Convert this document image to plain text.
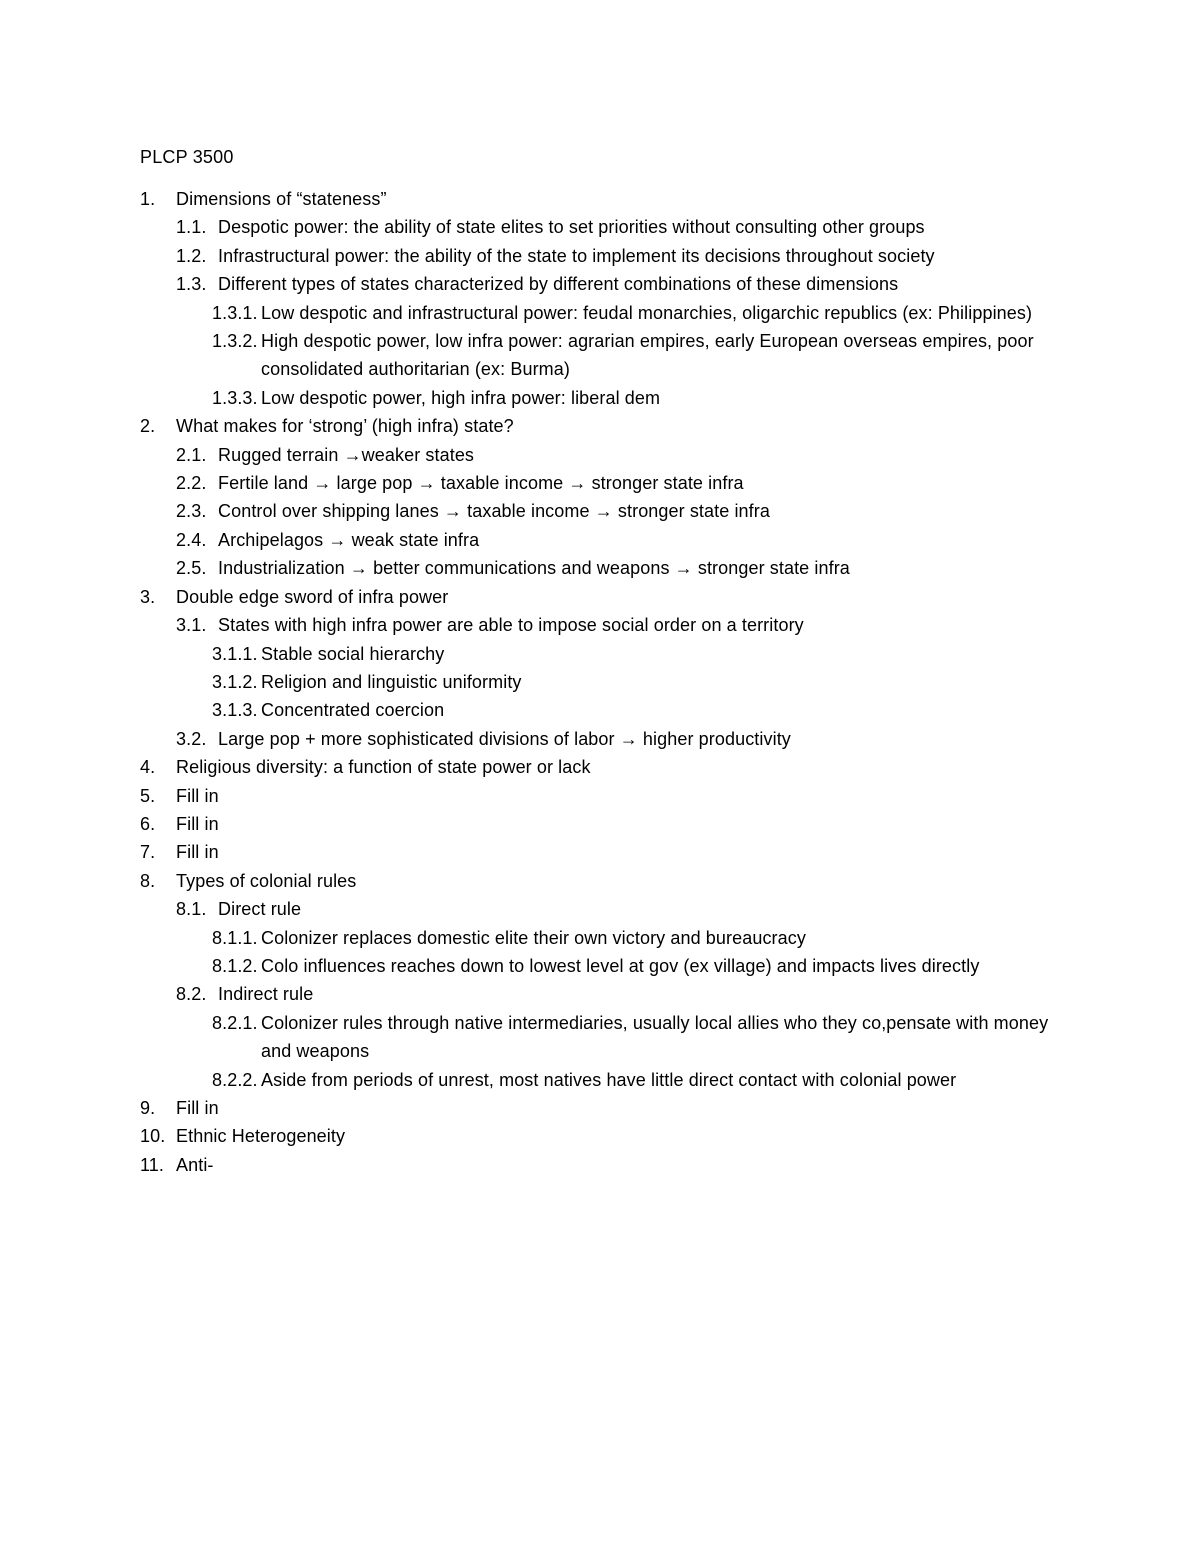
PLCP 3500
1. Dimensions of “stateness”
1.1. Despotic power: the ability of state elites to set priorities without consulting other groups
1.2. Infrastructural power: the ability of the state to implement its decisions throughout society
1.3. Different types of states characterized by different combinations of these dimensions
1.3.1. Low despotic and infrastructural power: feudal monarchies, oligarchic republics (ex: Philippines)
1.3.2. High despotic power, low infra power: agrarian empires, early European overseas empires, poor consolidated authoritarian (ex: Burma)
1.3.3. Low despotic power, high infra power: liberal dem
2. What makes for ‘strong’ (high infra) state?
2.1. Rugged terrain →weaker states
2.2. Fertile land → large pop → taxable income → stronger state infra
2.3. Control over shipping lanes → taxable income → stronger state infra
2.4. Archipelagos → weak state infra
2.5. Industrialization → better communications and weapons → stronger state infra
3. Double edge sword of infra power
3.1. States with high infra power are able to impose social order on a territory
3.1.1. Stable social hierarchy
3.1.2. Religion and linguistic uniformity
3.1.3. Concentrated coercion
3.2. Large pop + more sophisticated divisions of labor → higher productivity
4. Religious diversity: a function of state power or lack
5. Fill in
6. Fill in
7. Fill in
8. Types of colonial rules
8.1. Direct rule
8.1.1. Colonizer replaces domestic elite their own victory and bureaucracy
8.1.2. Colo influences reaches down to lowest level at gov (ex village) and impacts lives directly
8.2. Indirect rule
8.2.1. Colonizer rules through native intermediaries, usually local allies who they co,pensate with money and weapons
8.2.2. Aside from periods of unrest, most natives have little direct contact with colonial power
9. Fill in
10. Ethnic Heterogeneity
11. Anti-
